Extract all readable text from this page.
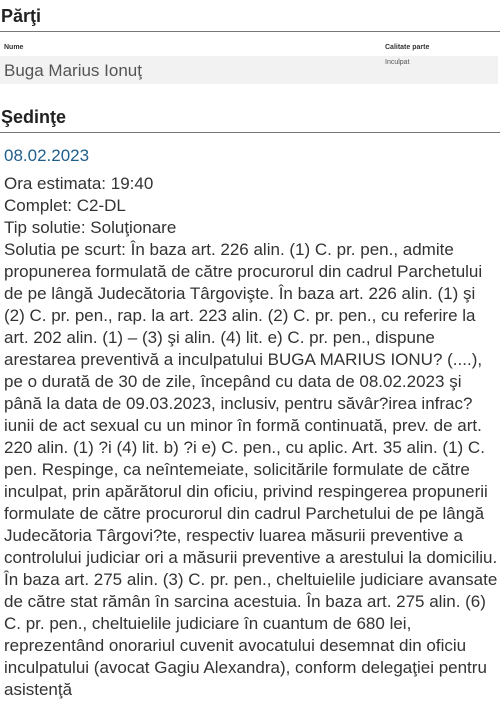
Părţi
Nume	Calitate parte
Buga Marius Ionuţ	Inculpat
Şedinţe
08.02.2023
Ora estimata: 19:40
Complet: C2-DL
Tip solutie: Soluţionare
Solutia pe scurt: În baza art. 226 alin. (1) C. pr. pen., admite propunerea formulată de către procurorul din cadrul Parchetului de pe lângă Judecătoria Târgovişte. În baza art. 226 alin. (1) şi (2) C. pr. pen., rap. la art. 223 alin. (2) C. pr. pen., cu referire la art. 202 alin. (1) – (3) şi alin. (4) lit. e) C. pr. pen., dispune arestarea preventivă a inculpatului BUGA MARIUS IONU? (....), pe o durată de 30 de zile, începând cu data de 08.02.2023 şi până la data de 09.03.2023, inclusiv, pentru săvâr?irea infrac?iunii de act sexual cu un minor în formă continuată, prev. de art. 220 alin. (1) ?i (4) lit. b) ?i e) C. pen., cu aplic. Art. 35 alin. (1) C. pen. Respinge, ca neîntemeiate, solicitările formulate de către inculpat, prin apărătorul din oficiu, privind respingerea propunerii formulate de către procurorul din cadrul Parchetului de pe lângă Judecătoria Târgovi?te, respectiv luarea măsurii preventive a controlului judiciar ori a măsurii preventive a arestului la domiciliu. În baza art. 275 alin. (3) C. pr. pen., cheltuielile judiciare avansate de către stat rămân în sarcina acestuia. În baza art. 275 alin. (6) C. pr. pen., cheltuielile judiciare în cuantum de 680 lei, reprezentând onorariul cuvenit avocatului desemnat din oficiu inculpatului (avocat Gagiu Alexandra), conform delegaţiei pentru asistenţă
